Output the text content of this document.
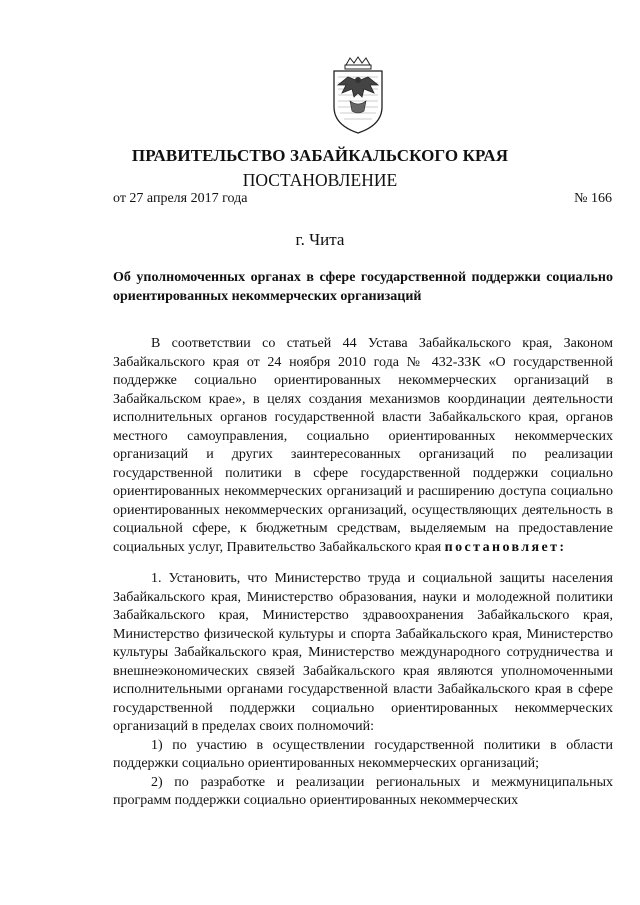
ПРАВИТЕЛЬСТВО ЗАБАЙКАЛЬСКОГО КРАЯ
ПОСТАНОВЛЕНИЕ
от 27 апреля 2017 года	№ 166
г. Чита
Об уполномоченных органах в сфере государственной поддержки социально ориентированных некоммерческих организаций

В соответствии со статьей 44 Устава Забайкальского края, Законом Забайкальского края от 24 ноября 2010 года № 432-ЗЗК «О государственной поддержке социально ориентированных некоммерческих организаций в Забайкальском крае», в целях создания механизмов координации деятельности исполнительных органов государственной власти Забайкальского края, органов местного самоуправления, социально ориентированных некоммерческих организаций и других заинтересованных организаций по реализации государственной политики в сфере государственной поддержки социально ориентированных некоммерческих организаций и расширению доступа социально ориентированных некоммерческих организаций, осуществляющих деятельность в социальной сфере, к бюджетным средствам, выделяемым на предоставление социальных услуг, Правительство Забайкальского края постановляет:

1. Установить, что Министерство труда и социальной защиты населения Забайкальского края, Министерство образования, науки и молодежной политики Забайкальского края, Министерство здравоохранения Забайкальского края, Министерство физической культуры и спорта Забайкальского края, Министерство культуры Забайкальского края, Министерство международного сотрудничества и внешнеэкономических связей Забайкальского края являются уполномоченными исполнительными органами государственной власти Забайкальского края в сфере государственной поддержки социально ориентированных некоммерческих организаций в пределах своих полномочий:

1) по участию в осуществлении государственной политики в области поддержки социально ориентированных некоммерческих организаций;

2) по разработке и реализации региональных и межмуниципальных программ поддержки социально ориентированных некоммерческих
